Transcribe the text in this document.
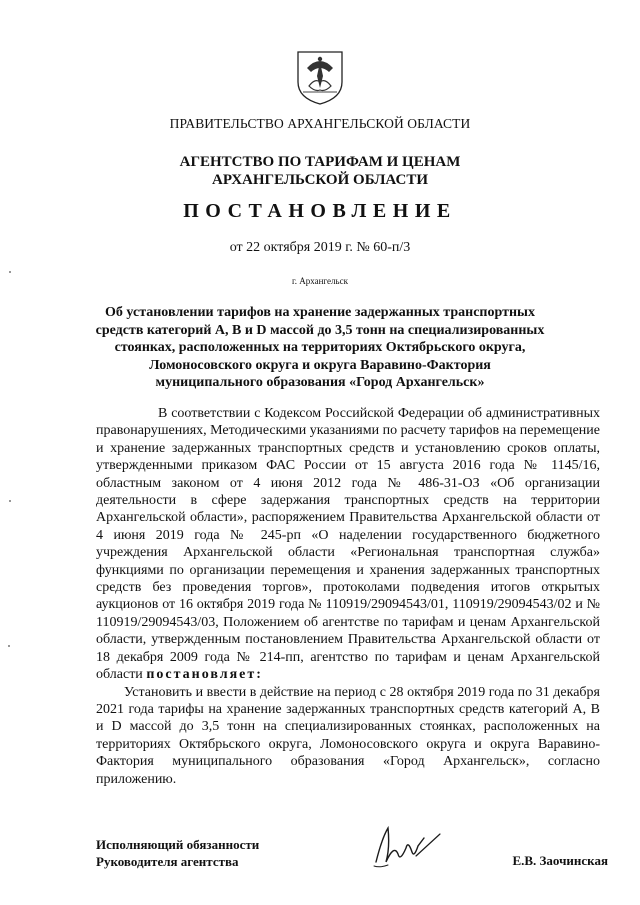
ПРАВИТЕЛЬСТВО АРХАНГЕЛЬСКОЙ ОБЛАСТИ
АГЕНТСТВО ПО ТАРИФАМ И ЦЕНАМ
АРХАНГЕЛЬСКОЙ ОБЛАСТИ
ПОСТАНОВЛЕНИЕ
от 22 октября 2019 г. № 60-п/3
г. Архангельск
Об установлении тарифов на хранение задержанных транспортных
средств категорий A, B и D массой до 3,5 тонн на специализированных
стоянках, расположенных на территориях Октябрьского округа,
Ломоносовского округа и округа Варавино-Фактория
муниципального образования «Город Архангельск»

В соответствии с Кодексом Российской Федерации об административных правонарушениях, Методическими указаниями по расчету тарифов на перемещение и хранение задержанных транспортных средств и установлению сроков оплаты, утвержденными приказом ФАС России от 15 августа 2016 года № 1145/16, областным законом от 4 июня 2012 года № 486-31-ОЗ «Об организации деятельности в сфере задержания транспортных средств на территории Архангельской области», распоряжением Правительства Архангельской области от 4 июня 2019 года № 245-рп «О наделении государственного бюджетного учреждения Архангельской области «Региональная транспортная служба» функциями по организации перемещения и хранения задержанных транспортных средств без проведения торгов», протоколами подведения итогов открытых аукционов от 16 октября 2019 года № 110919/29094543/01, 110919/29094543/02 и № 110919/29094543/03, Положением об агентстве по тарифам и ценам Архангельской области, утвержденным постановлением Правительства Архангельской области от 18 декабря 2009 года № 214-пп, агентство по тарифам и ценам Архангельской области постановляет:

Установить и ввести в действие на период с 28 октября 2019 года по 31 декабря 2021 года тарифы на хранение задержанных транспортных средств категорий A, B и D массой до 3,5 тонн на специализированных стоянках, расположенных на территориях Октябрьского округа, Ломоносовского округа и округа Варавино-Фактория муниципального образования «Город Архангельск», согласно приложению.

Исполняющий обязанности
Руководителя агентства	Е.В. Заочинская
